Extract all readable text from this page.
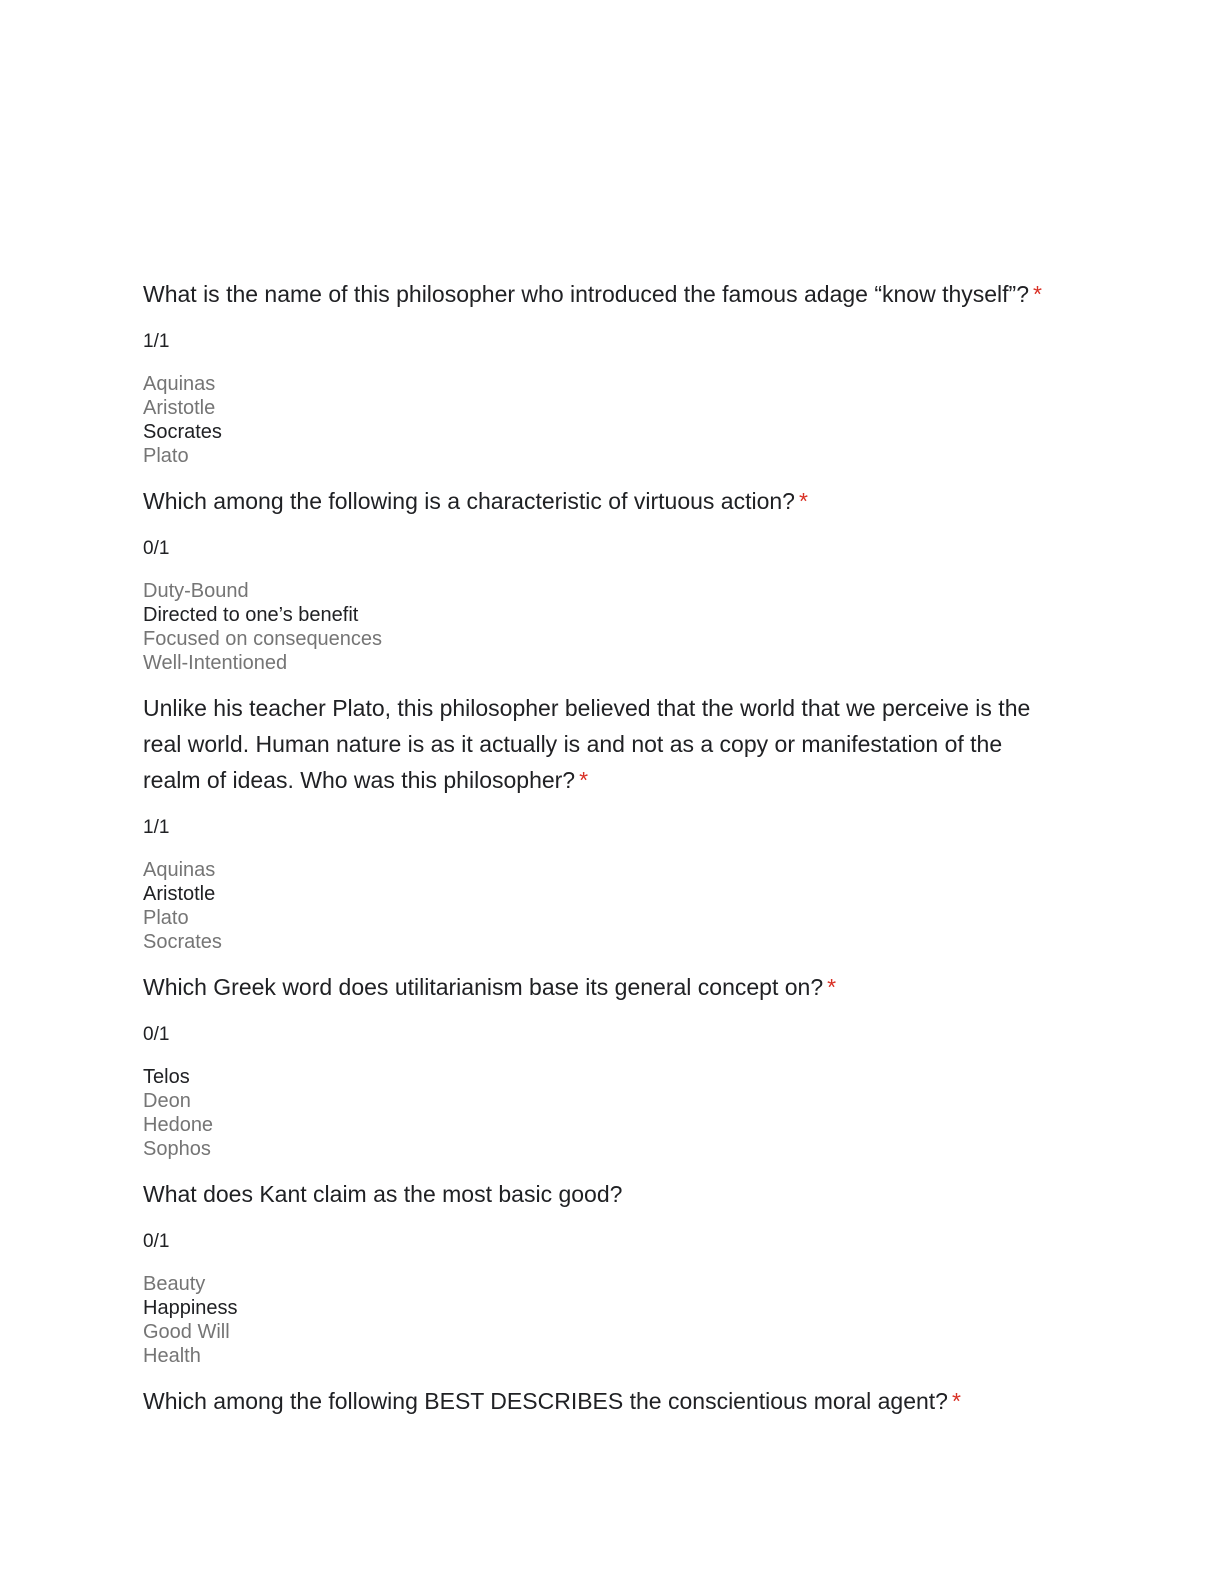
What is the name of this philosopher who introduced the famous adage “know thyself”? *

1/1
Aquinas
Aristotle
Socrates
Plato

Which among the following is a characteristic of virtuous action? *

0/1
Duty-Bound
Directed to one’s benefit
Focused on consequences
Well-Intentioned

Unlike his teacher Plato, this philosopher believed that the world that we perceive is the real world. Human nature is as it actually is and not as a copy or manifestation of the realm of ideas. Who was this philosopher? *

1/1
Aquinas
Aristotle
Plato
Socrates

Which Greek word does utilitarianism base its general concept on? *

0/1
Telos
Deon
Hedone
Sophos

What does Kant claim as the most basic good?

0/1
Beauty
Happiness
Good Will
Health

Which among the following BEST DESCRIBES the conscientious moral agent? *
